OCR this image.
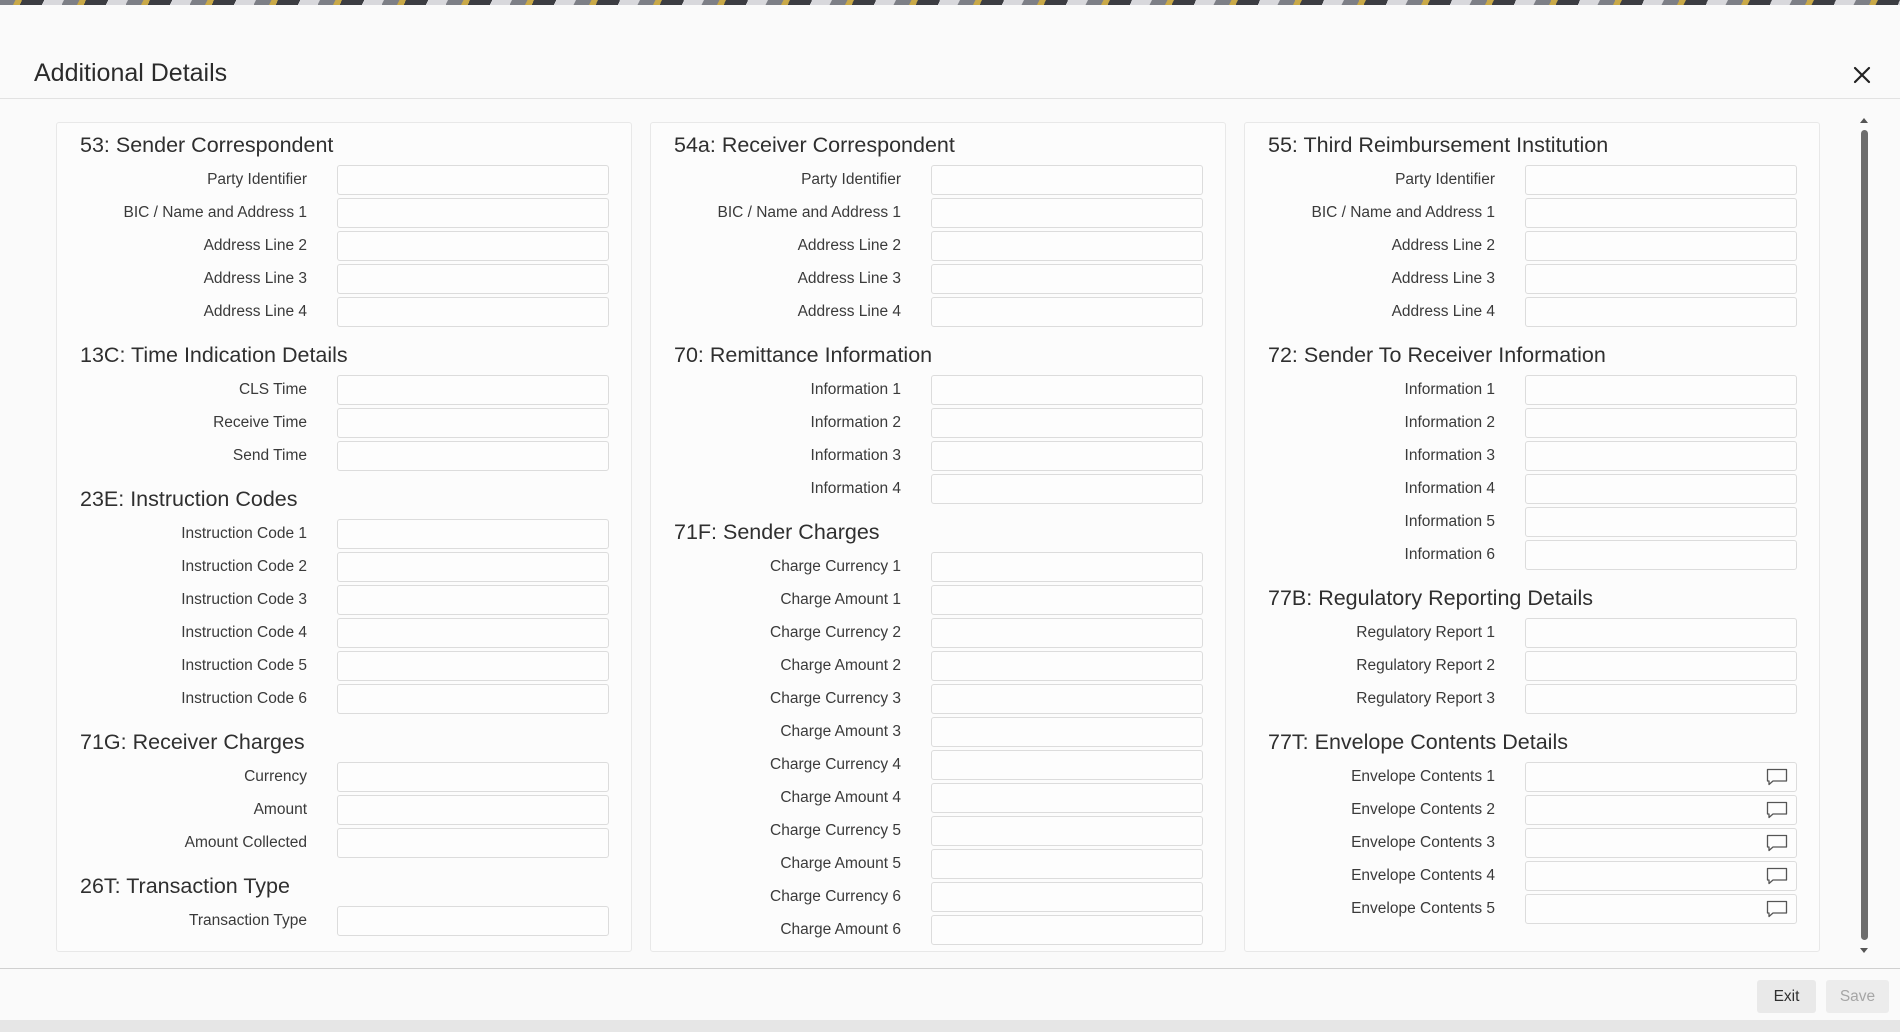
Additional Details
53: Sender Correspondent
Party Identifier
BIC / Name and Address 1
Address Line 2
Address Line 3
Address Line 4
13C: Time Indication Details
CLS Time
Receive Time
Send Time
23E: Instruction Codes
Instruction Code 1
Instruction Code 2
Instruction Code 3
Instruction Code 4
Instruction Code 5
Instruction Code 6
71G: Receiver Charges
Currency
Amount
Amount Collected
26T: Transaction Type
Transaction Type
54a: Receiver Correspondent
Party Identifier
BIC / Name and Address 1
Address Line 2
Address Line 3
Address Line 4
70: Remittance Information
Information 1
Information 2
Information 3
Information 4
71F: Sender Charges
Charge Currency 1
Charge Amount 1
Charge Currency 2
Charge Amount 2
Charge Currency 3
Charge Amount 3
Charge Currency 4
Charge Amount 4
Charge Currency 5
Charge Amount 5
Charge Currency 6
Charge Amount 6
55: Third Reimbursement Institution
Party Identifier
BIC / Name and Address 1
Address Line 2
Address Line 3
Address Line 4
72: Sender To Receiver Information
Information 1
Information 2
Information 3
Information 4
Information 5
Information 6
77B: Regulatory Reporting Details
Regulatory Report 1
Regulatory Report 2
Regulatory Report 3
77T: Envelope Contents Details
Envelope Contents 1
Envelope Contents 2
Envelope Contents 3
Envelope Contents 4
Envelope Contents 5
Exit	Save
